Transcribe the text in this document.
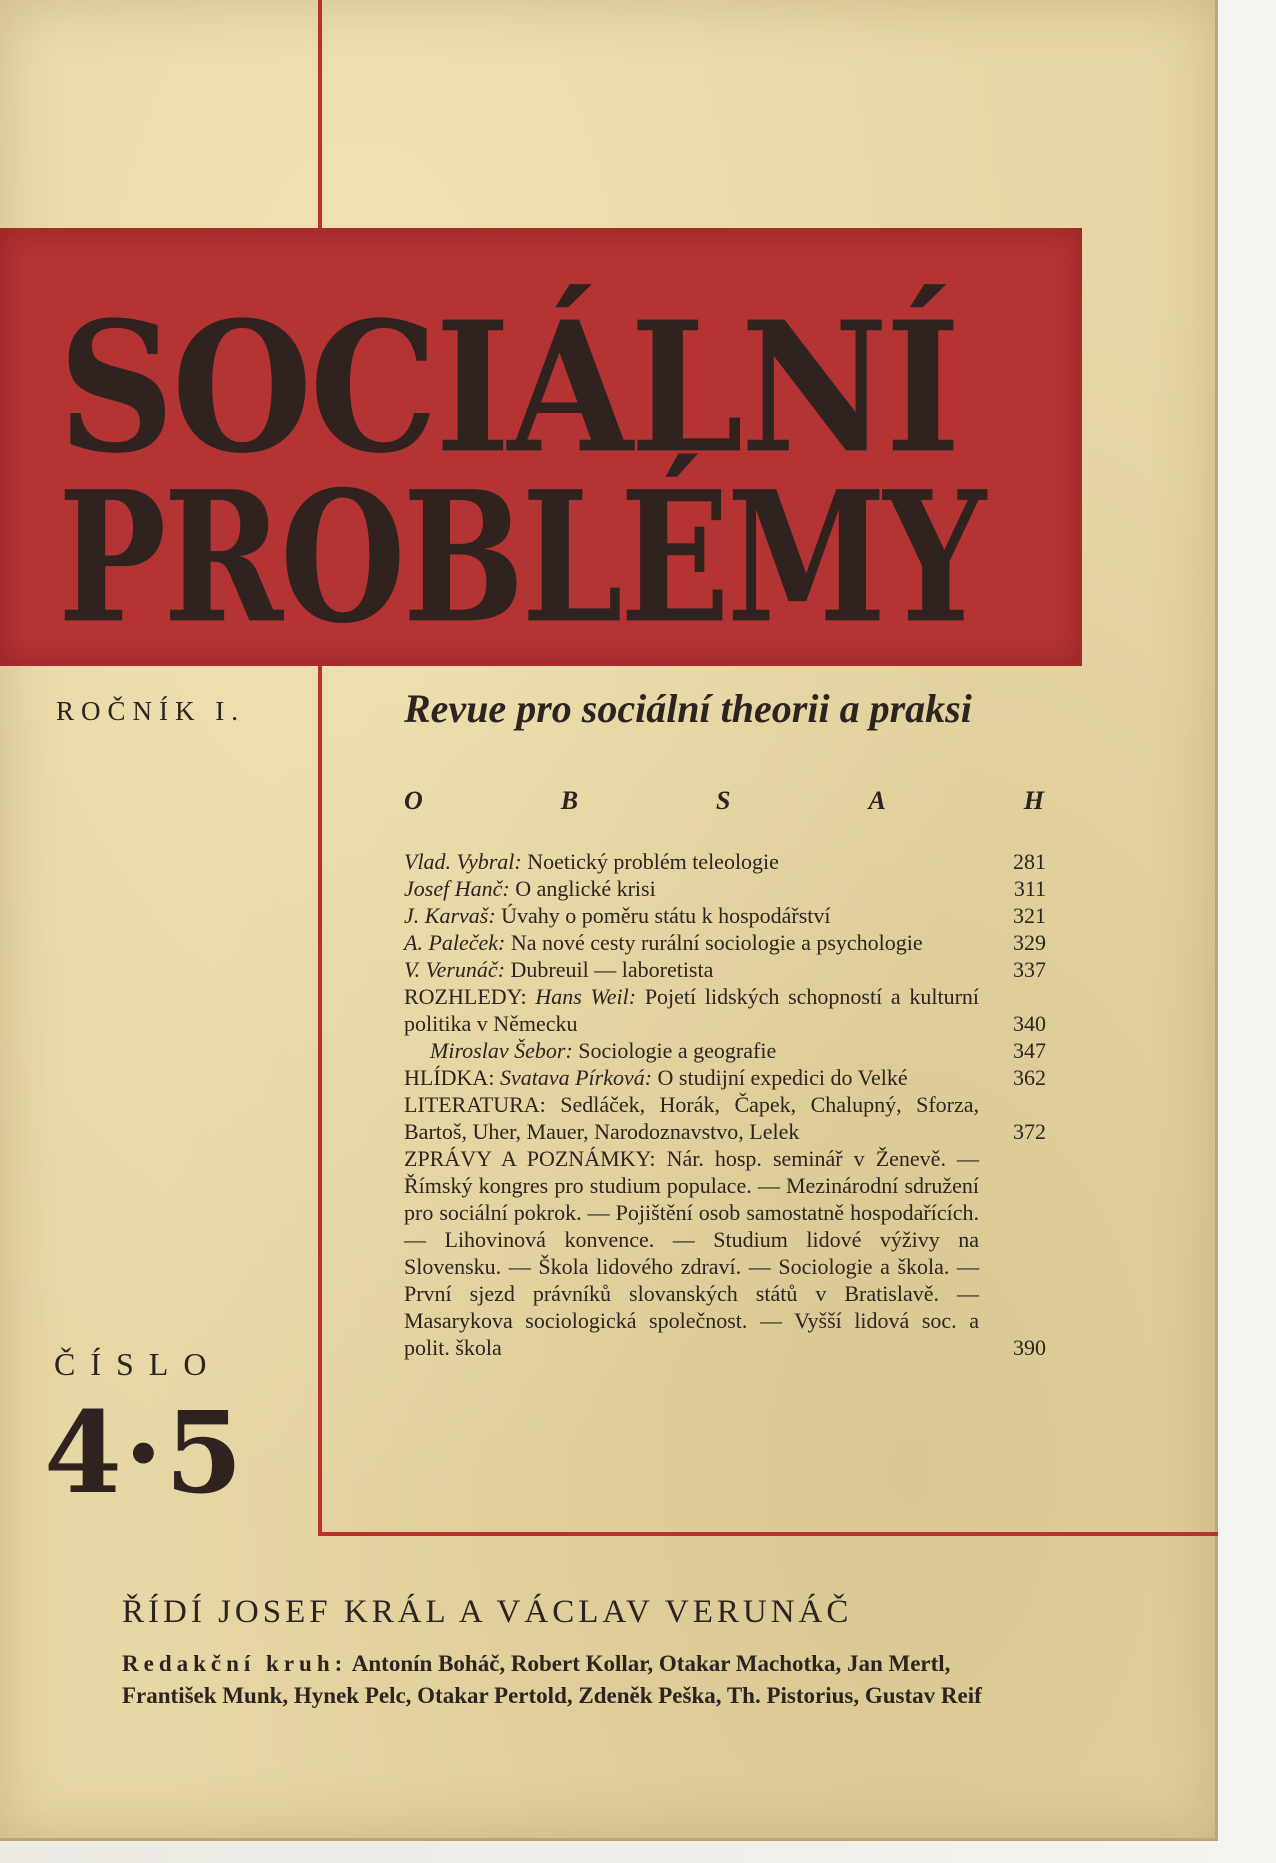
SOCIÁLNÍ
PROBLÉMY
ROČNÍK I.	Revue pro sociální theorii a praksi
O	B	S	A	H
Vlad. Vybral: Noetický problém teleologie	281
Josef Hanč: O anglické krisi	311
J. Karvaš: Úvahy o poměru státu k hospodářství	321
A. Paleček: Na nové cesty rurální sociologie a psychologie	329
V. Verunáč: Dubreuil — laboretista	337
ROZHLEDY: Hans Weil: Pojetí lidských schopností a kulturní politika v Německu	340
Miroslav Šebor: Sociologie a geografie	347
HLÍDKA: Svatava Pírková: O studijní expedici do Velké	362
LITERATURA: Sedláček, Horák, Čapek, Chalupný, Sforza, Bartoš, Uher, Mauer, Narodoznavstvo, Lelek	372
ZPRÁVY A POZNÁMKY: Nár. hosp. seminář v Ženevě. — Římský kongres pro studium populace. — Mezinárodní sdružení pro sociální pokrok. — Pojištění osob samostatně hospodařících. — Lihovinová konvence. — Studium lidové výživy na Slovensku. — Škola lidového zdraví. — Sociologie a škola. — První sjezd právníků slovanských států v Bratislavě. — Masarykova sociologická společnost. — Vyšší lidová soc. a polit. škola	390
ČÍSLO
4·5
ŘÍDÍ JOSEF KRÁL A VÁCLAV VERUNÁČ
Redakční kruh: Antonín Boháč, Robert Kollar, Otakar Machotka, Jan Mertl,
František Munk, Hynek Pelc, Otakar Pertold, Zdeněk Peška, Th. Pistorius, Gustav Reif
